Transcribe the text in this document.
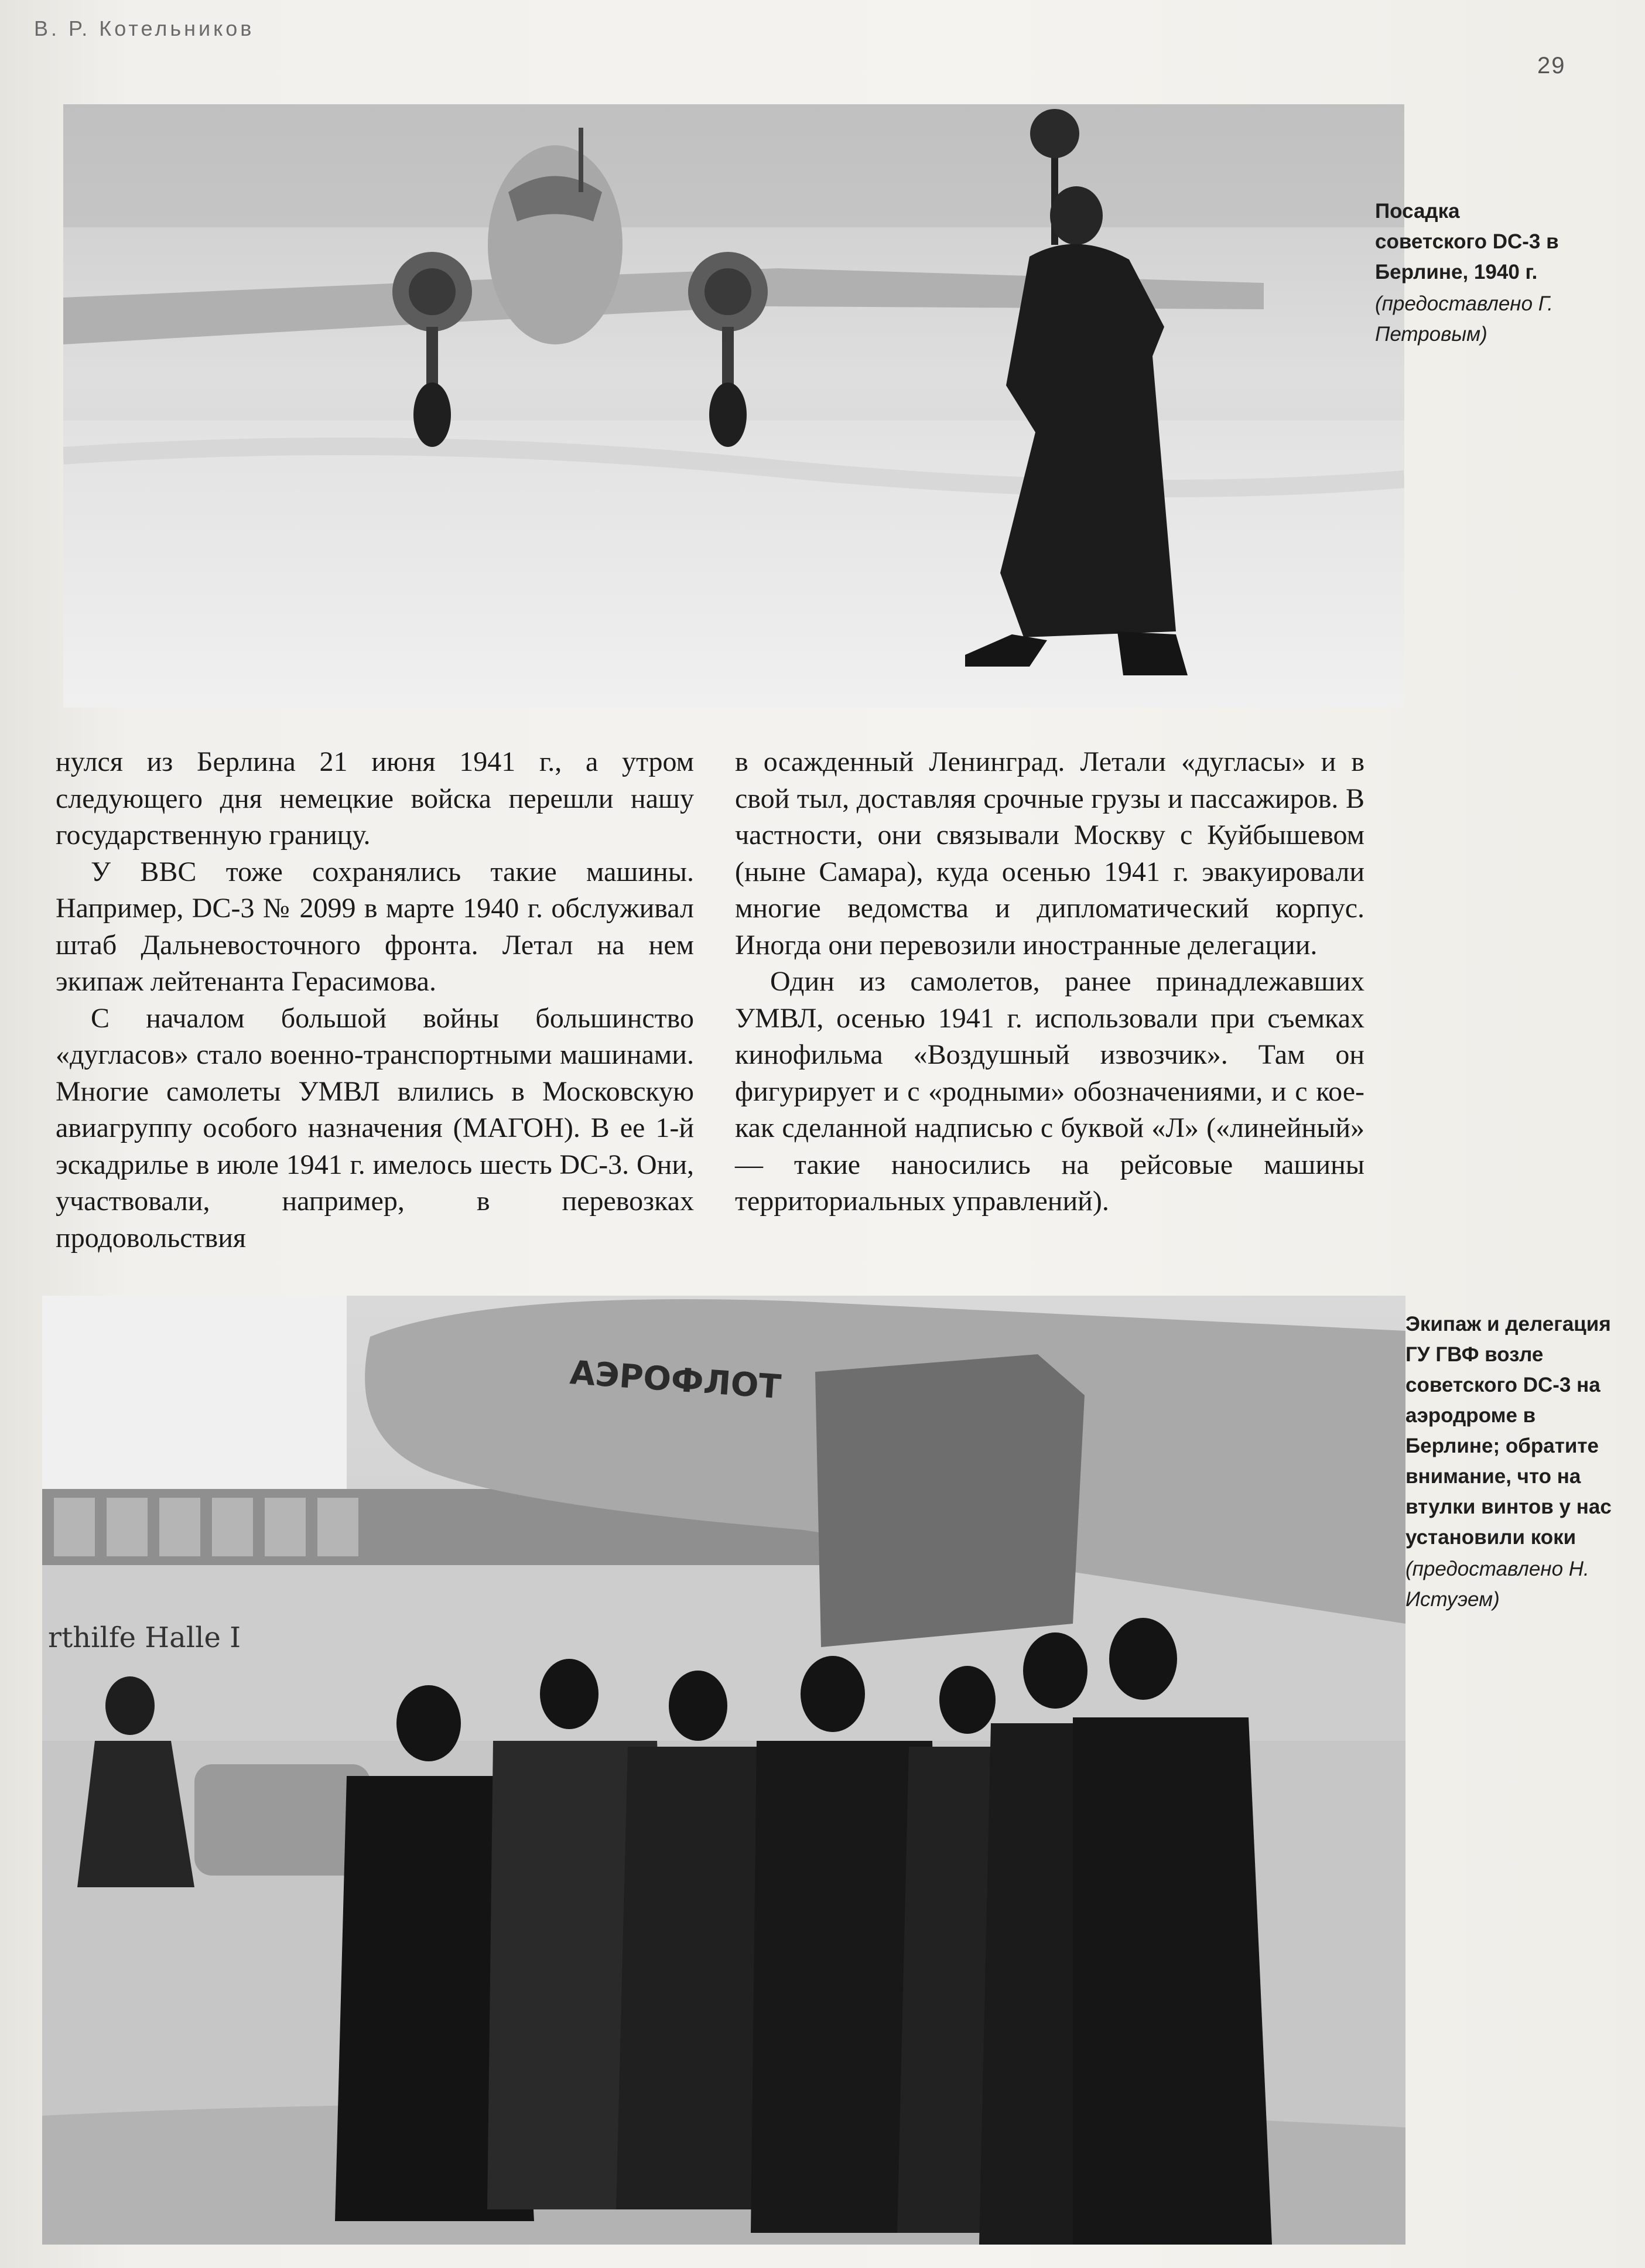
В. Р. Котельников
29
Посадка советского DC-3 в Берлине, 1940 г.
(предоставлено Г. Петровым)

нулся из Берлина 21 июня 1941 г., а утром следующего дня немецкие войска перешли нашу государственную границу.

У ВВС тоже сохранялись такие машины. Например, DC-3 № 2099 в марте 1940 г. обслуживал штаб Дальневосточного фронта. Летал на нем экипаж лейтенанта Герасимова.

С началом большой войны большинство «дугласов» стало военно-транспортными машинами. Многие самолеты УМВЛ влились в Московскую авиагруппу особого назначения (МАГОН). В ее 1-й эскадрилье в июле 1941 г. имелось шесть DC-3. Они, участвовали, например, в перевозках продовольствия

в осажденный Ленинград. Летали «дугласы» и в свой тыл, доставляя срочные грузы и пассажиров. В частности, они связывали Москву с Куйбышевом (ныне Самара), куда осенью 1941 г. эвакуировали многие ведомства и дипломатический корпус. Иногда они перевозили иностранные делегации.

Один из самолетов, ранее принадлежавших УМВЛ, осенью 1941 г. использовали при съемках кинофильма «Воздушный извозчик». Там он фигурирует и с «родными» обозначениями, и с кое-как сделанной надписью с буквой «Л» («линейный» — такие наносились на рейсовые машины территориальных управлений).

rthilfe Halle I
АЭРОФЛОТ
Экипаж и делегация ГУ ГВФ возле советского DC-3 на аэродроме в Берлине; обратите внимание, что на втулки винтов у нас установили коки
(предоставлено Н. Истуэем)
